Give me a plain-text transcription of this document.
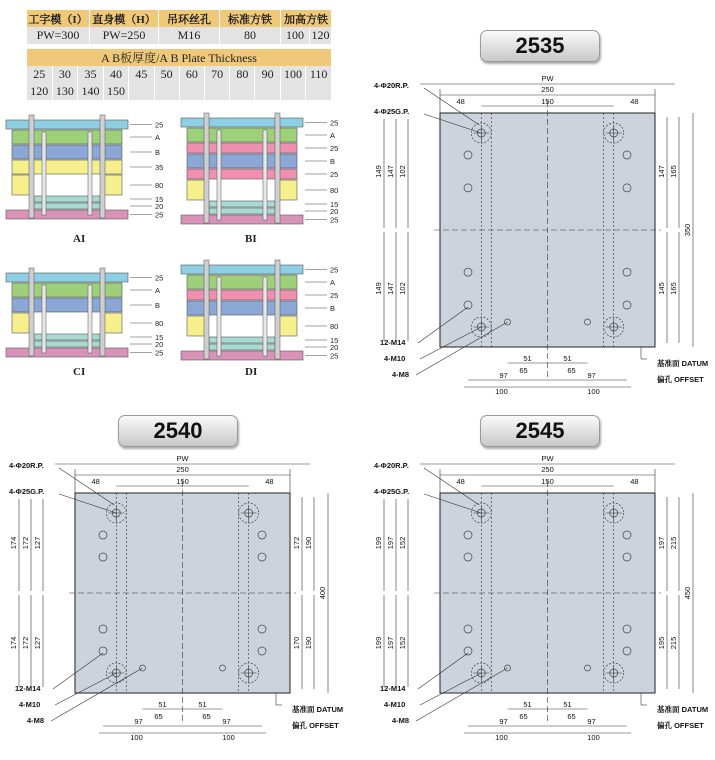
工字模（I）	直身模（H）	吊环丝孔	标准方铁	加高方铁	
PW=300	PW=250	M16	80	100	120
A B板厚度/A B Plate Thickness											
25	30	35	40	45	50	60	70	80	90	100	110
120	130	140	150								
25
A
B
35
80
15
20
25
25
A
25
B
25
80
15
20
25
25
A
B
80
15
20
25
25
A
25
B
80
15
20
25
AI	BI
CI	DI
2535
2540	2545
PW
250
150
48	48
149 147 102
149 147 102
147 165
145 165
350
51	51
65	65
97	97
100	100
4-Φ20R.P.
4-Φ25G.P.
12-M14
4-M10
4-M8
基准面 DATUM
偏孔 OFFSET
PW
250
150
48	48
174 172 127
174 172 127
172 190
170 190
400
51	51
65	65
97	97
100	100
4-Φ20R.P.
4-Φ25G.P.
12-M14
4-M10
4-M8
基准面 DATUM
偏孔 OFFSET
PW
250
150
48	48
199 197 152
199 197 152
197 215
195 215
450
51	51
65	65
97	97
100	100
4-Φ20R.P.
4-Φ25G.P.
12-M14
4-M10
4-M8
基准面 DATUM
偏孔 OFFSET
